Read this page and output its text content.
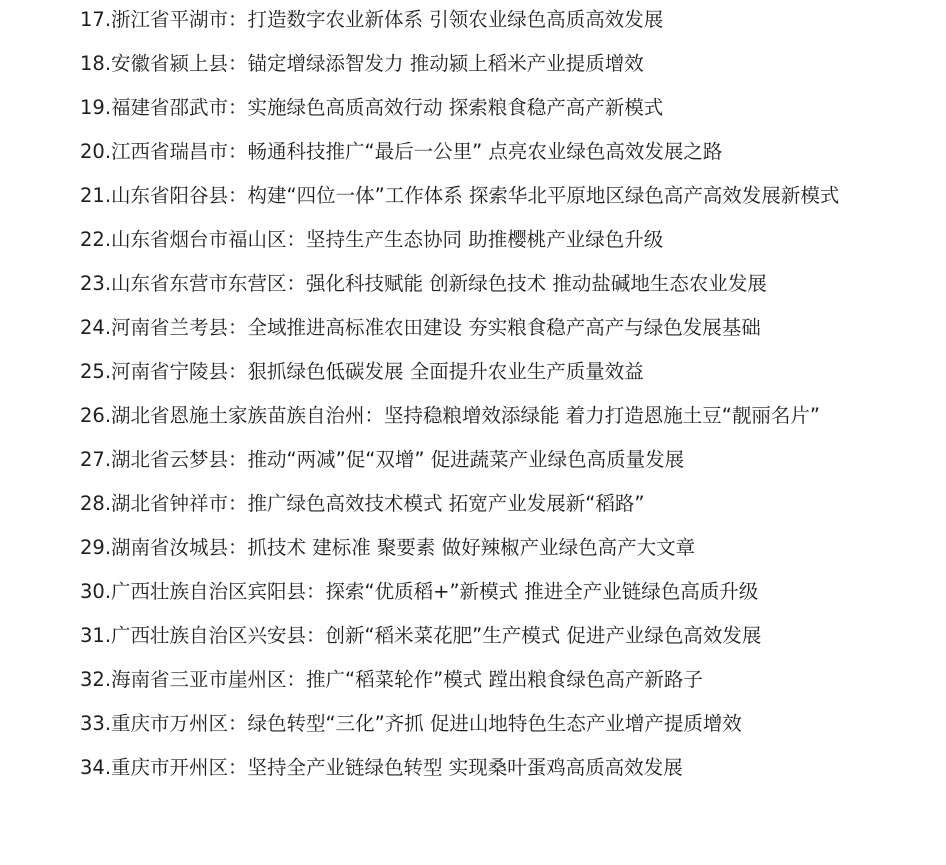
17.浙江省平湖市：打造数字农业新体系 引领农业绿色高质高效发展

18.安徽省颍上县：锚定增绿添智发力 推动颍上稻米产业提质增效

19.福建省邵武市：实施绿色高质高效行动 探索粮食稳产高产新模式

20.江西省瑞昌市：畅通科技推广“最后一公里” 点亮农业绿色高效发展之路

21.山东省阳谷县：构建“四位一体”工作体系 探索华北平原地区绿色高产高效发展新模式

22.山东省烟台市福山区：坚持生产生态协同 助推樱桃产业绿色升级

23.山东省东营市东营区：强化科技赋能 创新绿色技术 推动盐碱地生态农业发展

24.河南省兰考县：全域推进高标准农田建设 夯实粮食稳产高产与绿色发展基础

25.河南省宁陵县：狠抓绿色低碳发展 全面提升农业生产质量效益

26.湖北省恩施土家族苗族自治州：坚持稳粮增效添绿能 着力打造恩施土豆“靓丽名片”

27.湖北省云梦县：推动“两减”促“双增” 促进蔬菜产业绿色高质量发展

28.湖北省钟祥市：推广绿色高效技术模式 拓宽产业发展新“稻路”

29.湖南省汝城县：抓技术 建标准 聚要素 做好辣椒产业绿色高产大文章

30.广西壮族自治区宾阳县：探索“优质稻+”新模式 推进全产业链绿色高质升级

31.广西壮族自治区兴安县：创新“稻米菜花肥”生产模式 促进产业绿色高效发展

32.海南省三亚市崖州区：推广“稻菜轮作”模式 蹚出粮食绿色高产新路子

33.重庆市万州区：绿色转型“三化”齐抓 促进山地特色生态产业增产提质增效

34.重庆市开州区：坚持全产业链绿色转型 实现桑叶蛋鸡高质高效发展
